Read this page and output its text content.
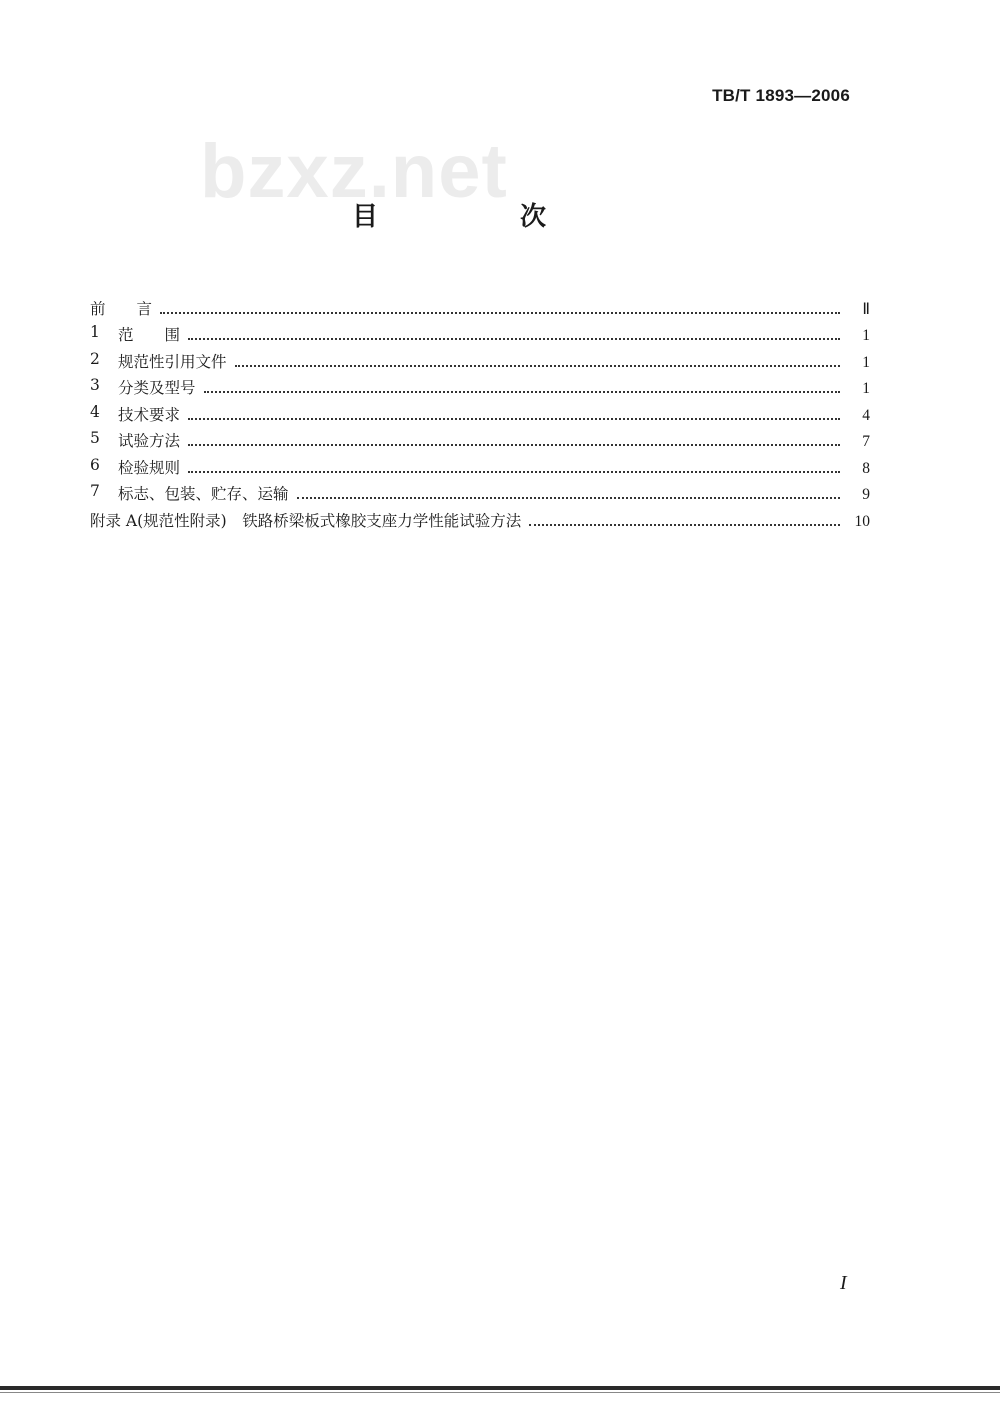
TB/T 1893—2006
bzxz.net
目　次
前　　言	Ⅱ
1	范　　围	1
2	规范性引用文件	1
3	分类及型号	1
4	技术要求	4
5	试验方法	7
6	检验规则	8
7	标志、包装、贮存、运输	9
附录 A(规范性附录)　铁路桥梁板式橡胶支座力学性能试验方法	10
I
